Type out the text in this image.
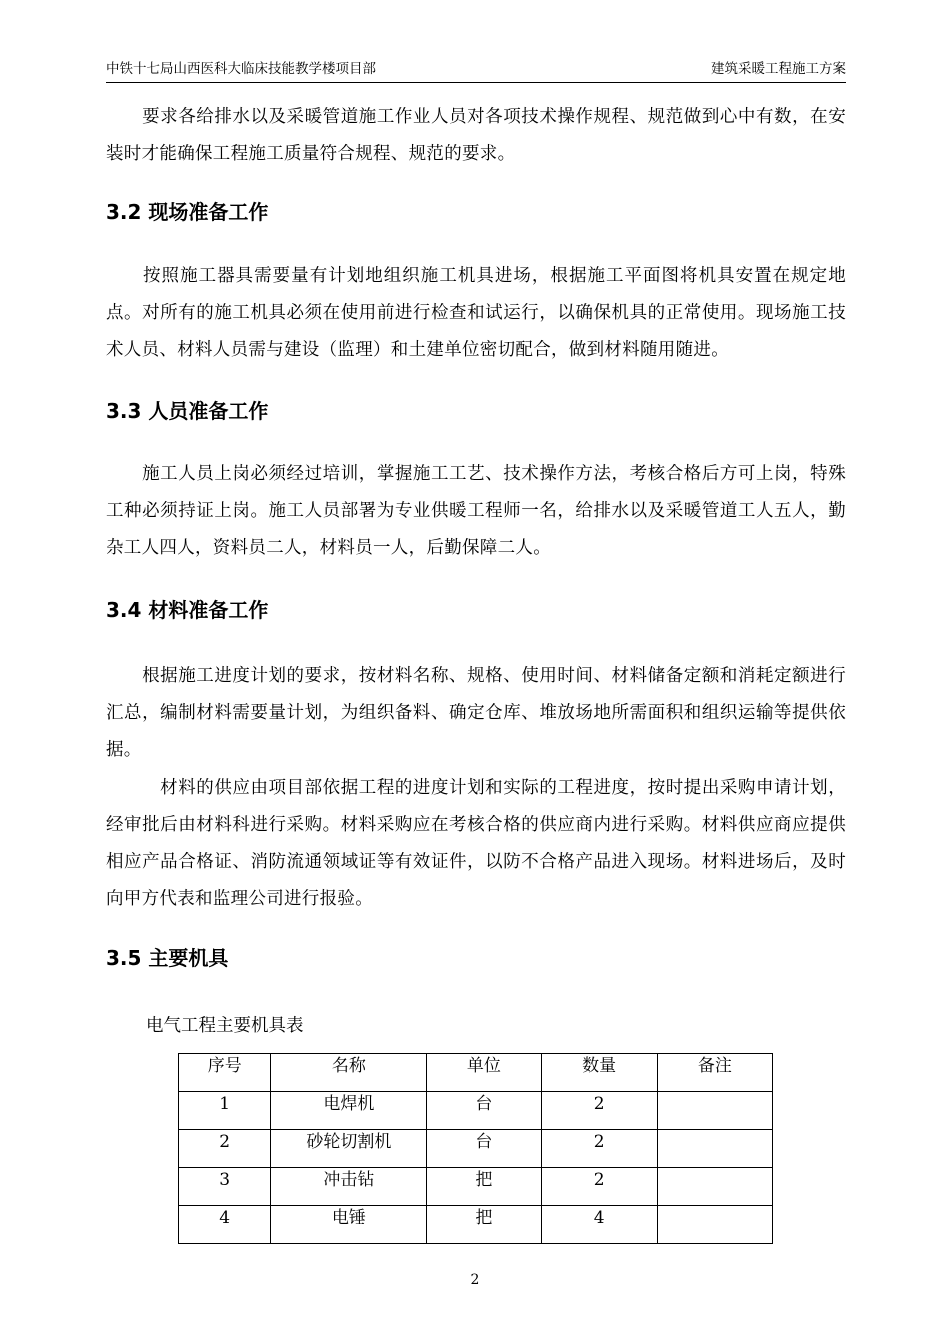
中铁十七局山西医科大临床技能教学楼项目部	建筑采暖工程施工方案
　　要求各给排水以及采暖管道施工作业人员对各项技术操作规程、规范做到心中有数，在安装时才能确保工程施工质量符合规程、规范的要求。
3.2 现场准备工作
　　按照施工器具需要量有计划地组织施工机具进场，根据施工平面图将机具安置在规定地点。对所有的施工机具必须在使用前进行检查和试运行，以确保机具的正常使用。现场施工技术人员、材料人员需与建设（监理）和土建单位密切配合，做到材料随用随进。
3.3 人员准备工作
　　施工人员上岗必须经过培训，掌握施工工艺、技术操作方法，考核合格后方可上岗，特殊工种必须持证上岗。施工人员部署为专业供暖工程师一名，给排水以及采暖管道工人五人，勤杂工人四人，资料员二人，材料员一人，后勤保障二人。
3.4 材料准备工作
　　根据施工进度计划的要求，按材料名称、规格、使用时间、材料储备定额和消耗定额进行汇总，编制材料需要量计划，为组织备料、确定仓库、堆放场地所需面积和组织运输等提供依据。
　　　材料的供应由项目部依据工程的进度计划和实际的工程进度，按时提出采购申请计划，经审批后由材料科进行采购。材料采购应在考核合格的供应商内进行采购。材料供应商应提供相应产品合格证、消防流通领域证等有效证件，以防不合格产品进入现场。材料进场后，及时向甲方代表和监理公司进行报验。
3.5 主要机具
电气工程主要机具表
序号	名称	单位	数量	备注
1	电焊机	台	2	
2	砂轮切割机	台	2	
3	冲击钻	把	2	
4	电锤	把	4	
2
